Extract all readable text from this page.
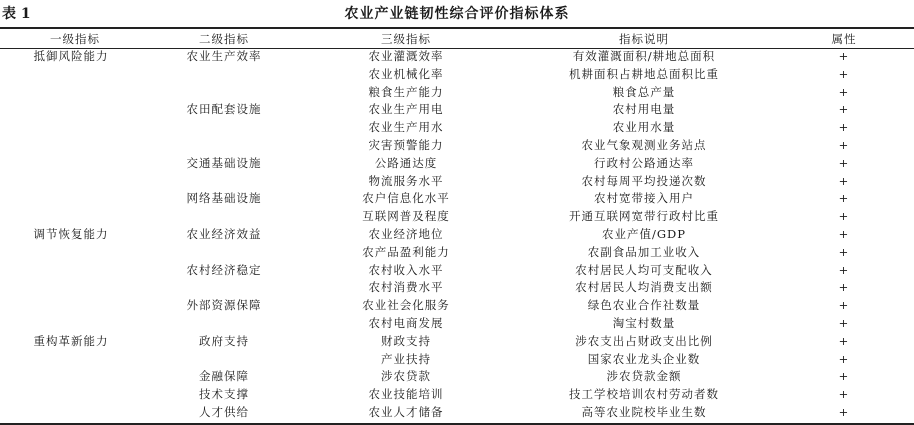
表 1	农业产业链韧性综合评价指标体系
一级指标	二级指标	三级指标	指标说明	属性
抵御风险能力	农业生产效率	农业灌溉效率	有效灌溉面积/耕地总面积	+
		农业机械化率	机耕面积占耕地总面积比重	+
		粮食生产能力	粮食总产量	+
	农田配套设施	农业生产用电	农村用电量	+
		农业生产用水	农业用水量	+
		灾害预警能力	农业气象观测业务站点	+
	交通基础设施	公路通达度	行政村公路通达率	+
		物流服务水平	农村每周平均投递次数	+
	网络基础设施	农户信息化水平	农村宽带接入用户	+
		互联网普及程度	开通互联网宽带行政村比重	+
调节恢复能力	农业经济效益	农业经济地位	农业产值/GDP	+
		农产品盈利能力	农副食品加工业收入	+
	农村经济稳定	农村收入水平	农村居民人均可支配收入	+
		农村消费水平	农村居民人均消费支出额	+
	外部资源保障	农业社会化服务	绿色农业合作社数量	+
		农村电商发展	淘宝村数量	+
重构革新能力	政府支持	财政支持	涉农支出占财政支出比例	+
		产业扶持	国家农业龙头企业数	+
	金融保障	涉农贷款	涉农贷款金额	+
	技术支撑	农业技能培训	技工学校培训农村劳动者数	+
	人才供给	农业人才储备	高等农业院校毕业生数	+
